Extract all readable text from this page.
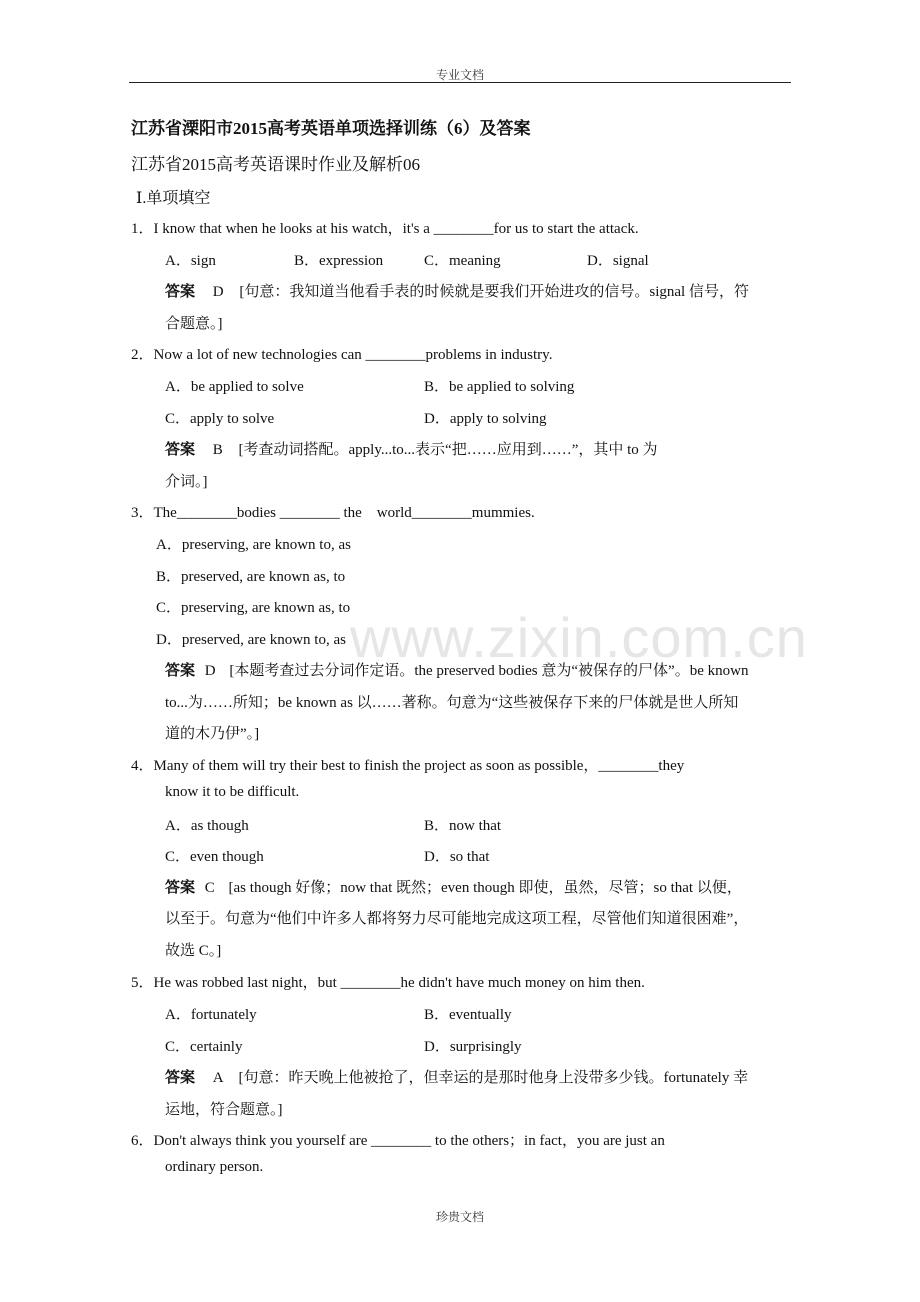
www.zixin.com.cn
专业文档
江苏省溧阳市2015高考英语单项选择训练（6）及答案
江苏省2015高考英语课时作业及解析06
Ⅰ.单项填空
1．I know that when he looks at his watch，it's a ________for us to start the attack.
A．sign	B．expression	C．meaning	D．signal
答案 D [句意：我知道当他看手表的时候就是要我们开始进攻的信号。signal 信号，符
合题意。]
2．Now a lot of new technologies can ________problems in industry.
A．be applied to solve	B．be applied to solving
C．apply to solve	D．apply to solving
答案 B [考查动词搭配。apply...to...表示“把……应用到……”，其中 to 为
介词。]
3．The________bodies ________ the　world________mummies.
A．preserving, are known to, as
B．preserved, are known as, to
C．preserving, are known as, to
D．preserved, are known to, as
答案 D [本题考查过去分词作定语。the preserved bodies 意为“被保存的尸体”。be known
to...为……所知；be known as 以……著称。句意为“这些被保存下来的尸体就是世人所知
道的木乃伊”。]
4．Many of them will try their best to finish the project as soon as possible，________they
know it to be difficult.
A．as though	B．now that
C．even though	D．so that
答案 C [as though 好像；now that 既然；even though 即使，虽然，尽管；so that 以便，
以至于。句意为“他们中许多人都将努力尽可能地完成这项工程，尽管他们知道很困难”，
故选 C。]
5．He was robbed last night，but ________he didn't have much money on him then.
A．fortunately	B．eventually
C．certainly	D．surprisingly
答案 A [句意：昨天晚上他被抢了，但幸运的是那时他身上没带多少钱。fortunately 幸
运地，符合题意。]
6．Don't always think you yourself are ________ to the others；in fact，you are just an
ordinary person.
珍贵文档
